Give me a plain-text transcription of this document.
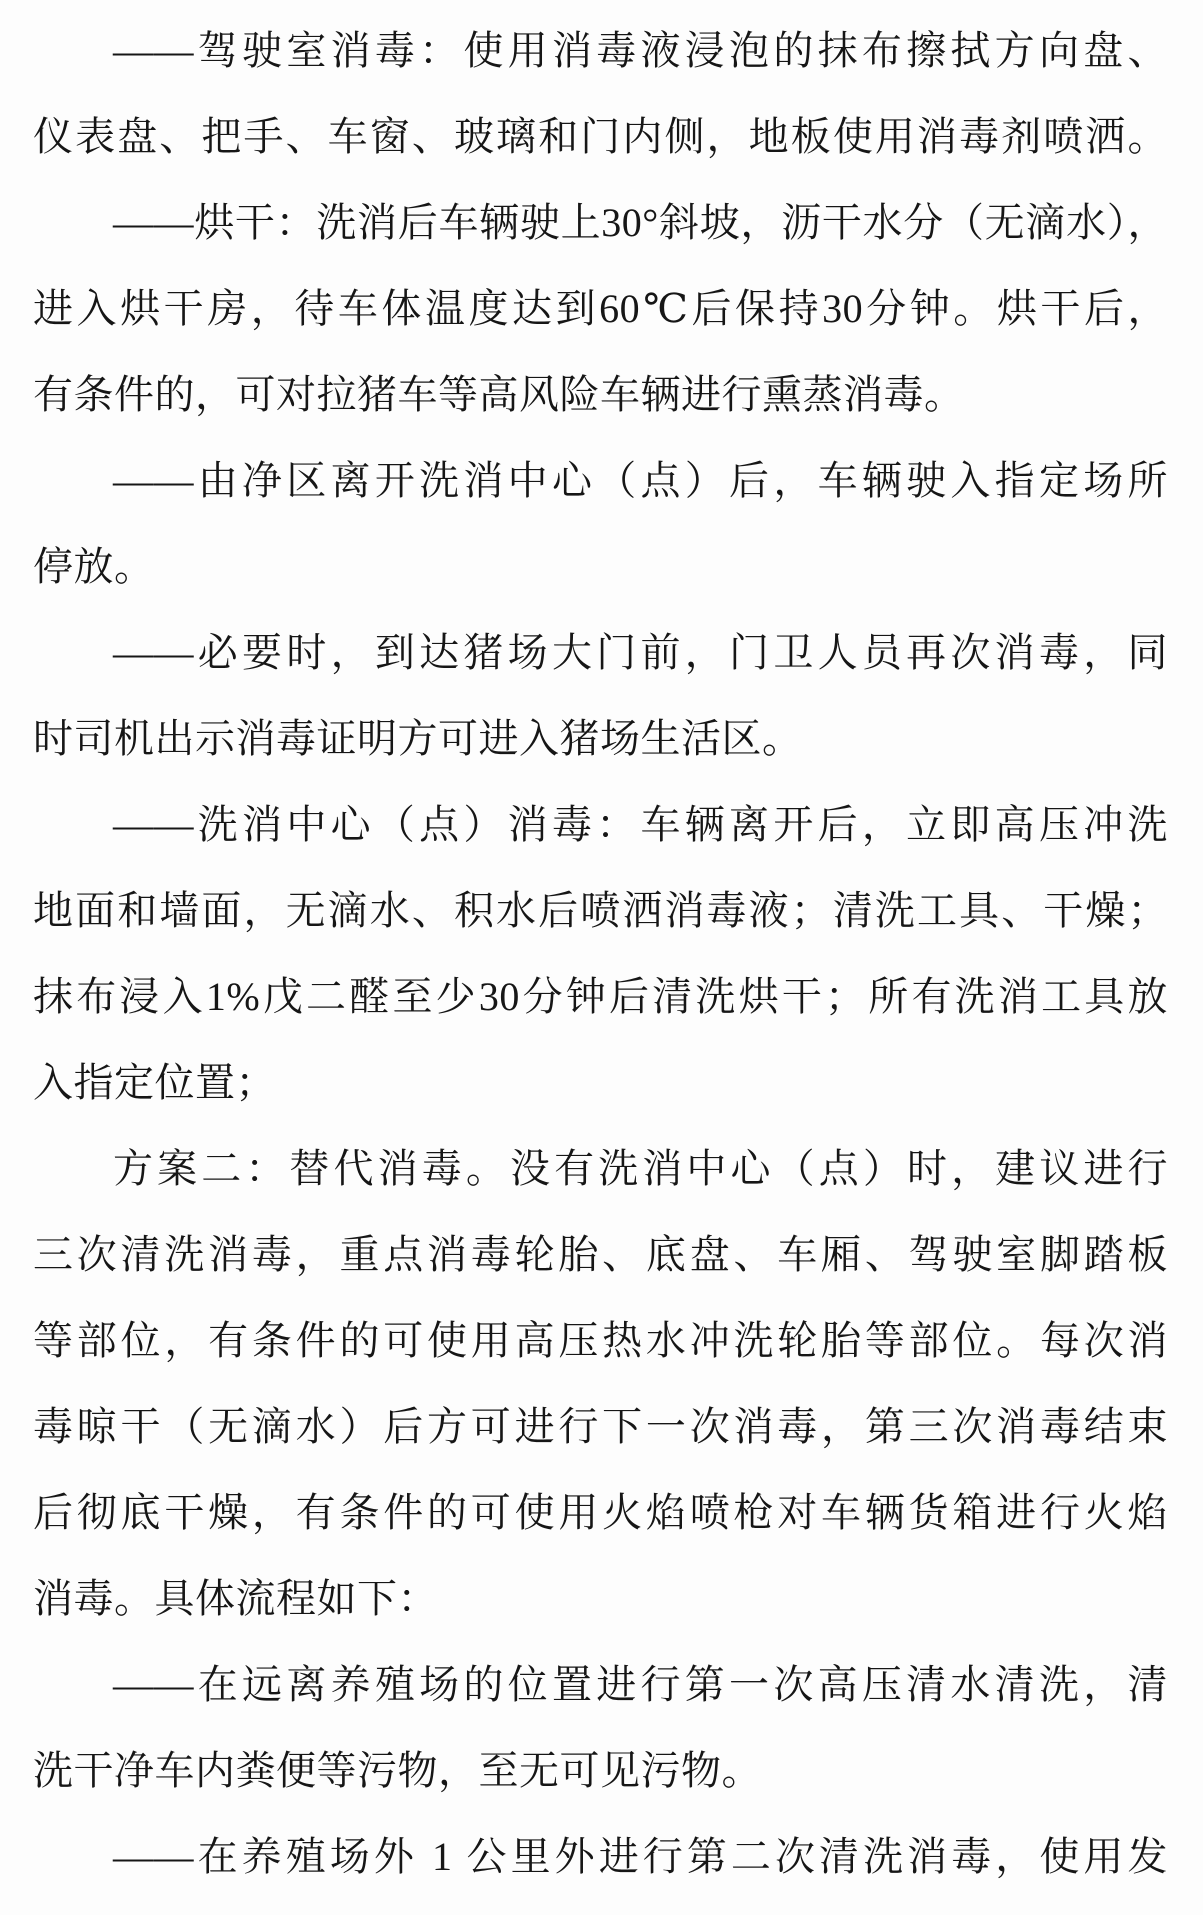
——驾驶室消毒：使用消毒液浸泡的抹布擦拭方向盘、
仪表盘、把手、车窗、玻璃和门内侧，地板使用消毒剂喷洒。
——烘干：洗消后车辆驶上30°斜坡，沥干水分（无滴水），
进入烘干房，待车体温度达到60℃后保持30分钟。烘干后，
有条件的，可对拉猪车等高风险车辆进行熏蒸消毒。
——由净区离开洗消中心（点）后，车辆驶入指定场所
停放。
——必要时，到达猪场大门前，门卫人员再次消毒，同
时司机出示消毒证明方可进入猪场生活区。
——洗消中心（点）消毒：车辆离开后，立即高压冲洗
地面和墙面，无滴水、积水后喷洒消毒液；清洗工具、干燥；
抹布浸入1%戊二醛至少30分钟后清洗烘干；所有洗消工具放
入指定位置；
方案二：替代消毒。没有洗消中心（点）时，建议进行
三次清洗消毒，重点消毒轮胎、底盘、车厢、驾驶室脚踏板
等部位，有条件的可使用高压热水冲洗轮胎等部位。每次消
毒晾干（无滴水）后方可进行下一次消毒，第三次消毒结束
后彻底干燥，有条件的可使用火焰喷枪对车辆货箱进行火焰
消毒。具体流程如下：
——在远离养殖场的位置进行第一次高压清水清洗，清
洗干净车内粪便等污物，至无可见污物。
——在养殖场外 1 公里外进行第二次清洗消毒，使用发
